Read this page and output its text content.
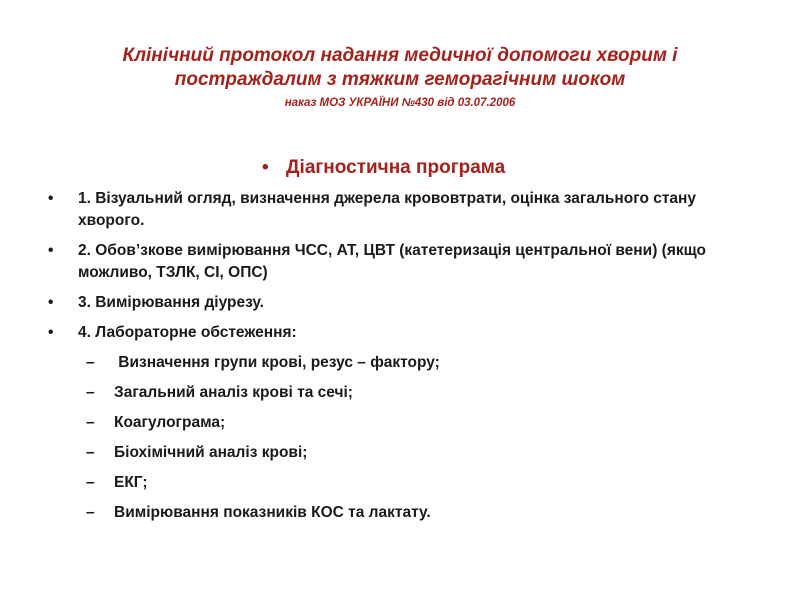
Клінічний протокол надання медичної допомоги хворим і
постраждалим з тяжким геморагічним шоком
наказ МОЗ УКРАЇНИ №430 від 03.07.2006
• Діагностична програма
• 1. Візуальний огляд, визначення джерела крововтрати, оцінка загального стану хворого.
• 2. Обов’зкове вимірювання ЧСС, АТ, ЦВТ (катетеризація центральної вени) (якщо можливо, ТЗЛК, СІ, ОПС)
• 3. Вимірювання діурезу.
• 4. Лабораторне обстеження:
– Визначення групи крові, резус – фактору;
– Загальний аналіз крові та сечі;
– Коагулограма;
– Біохімічний аналіз крові;
– ЕКГ;
– Вимірювання показників КОС та лактату.
